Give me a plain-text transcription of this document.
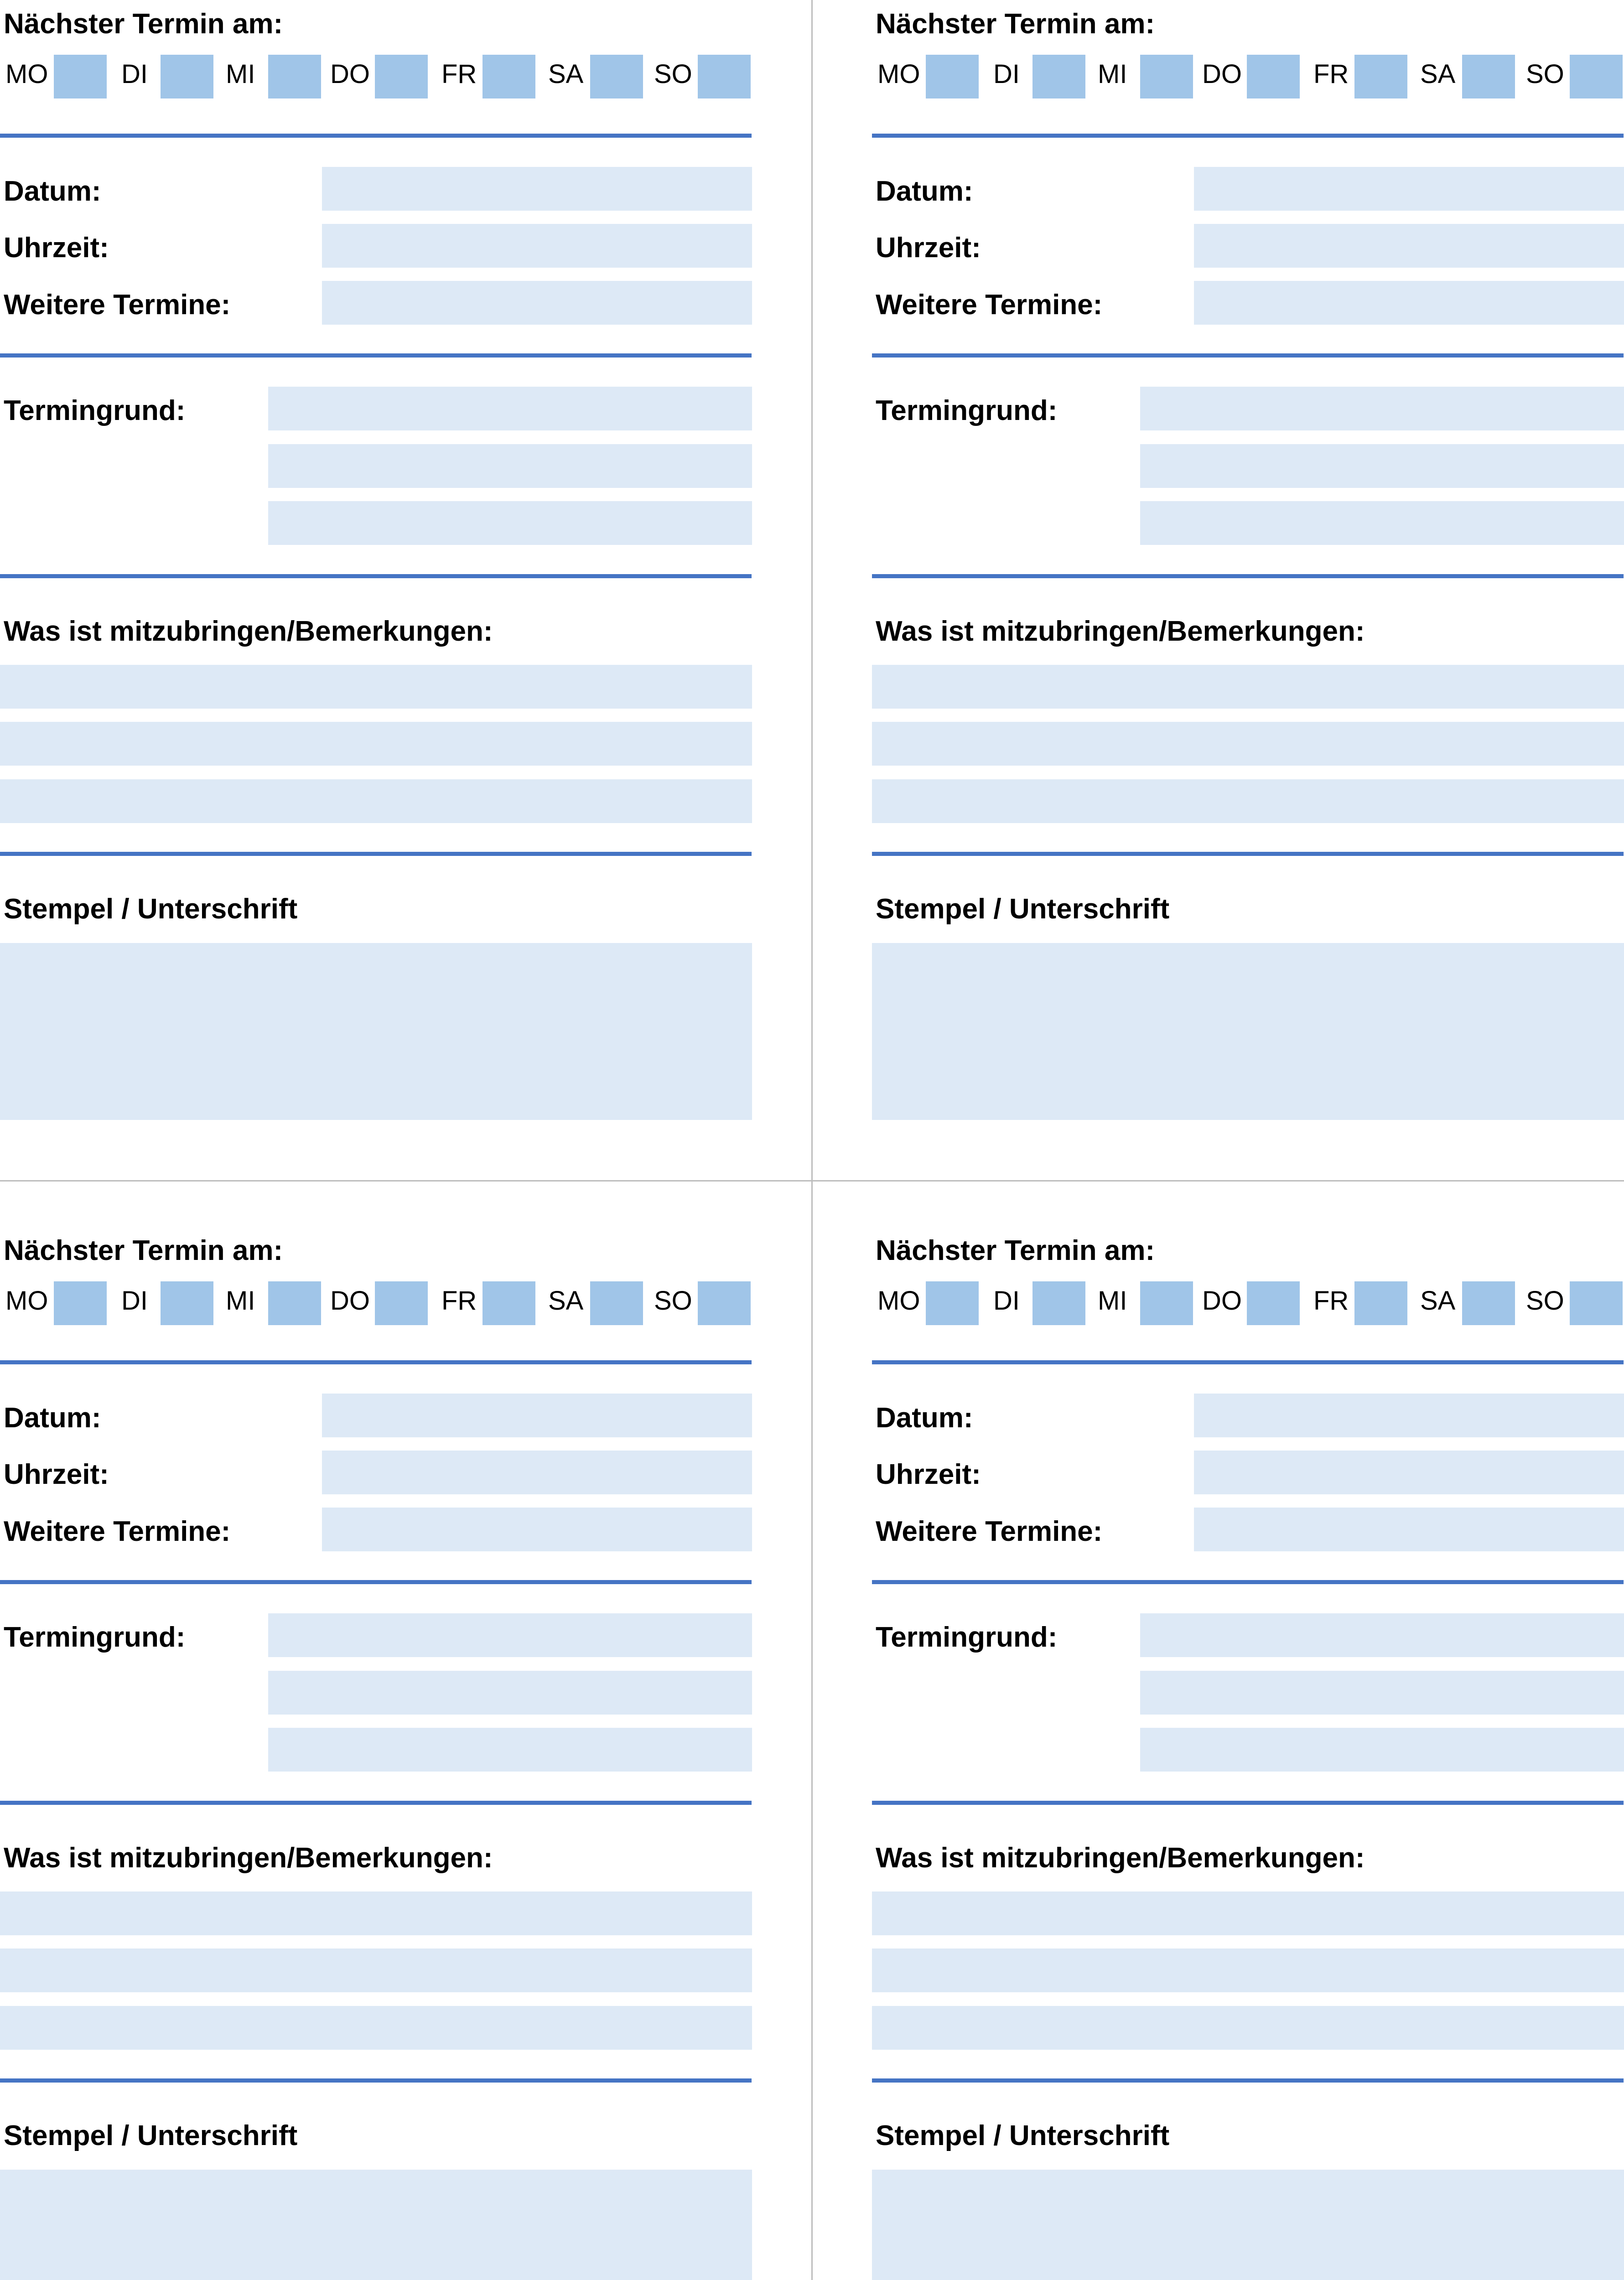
Nächster Termin am:
MO	DI	MI	DO	FR	SA	SO
Datum:
Uhrzeit:
Weitere Termine:
Termingrund:
Was ist mitzubringen/Bemerkungen:
Stempel / Unterschrift
Nächster Termin am:
MO	DI	MI	DO	FR	SA	SO
Datum:
Uhrzeit:
Weitere Termine:
Termingrund:
Was ist mitzubringen/Bemerkungen:
Stempel / Unterschrift
Nächster Termin am:
MO	DI	MI	DO	FR	SA	SO
Datum:
Uhrzeit:
Weitere Termine:
Termingrund:
Was ist mitzubringen/Bemerkungen:
Stempel / Unterschrift
Nächster Termin am:
MO	DI	MI	DO	FR	SA	SO
Datum:
Uhrzeit:
Weitere Termine:
Termingrund:
Was ist mitzubringen/Bemerkungen:
Stempel / Unterschrift
